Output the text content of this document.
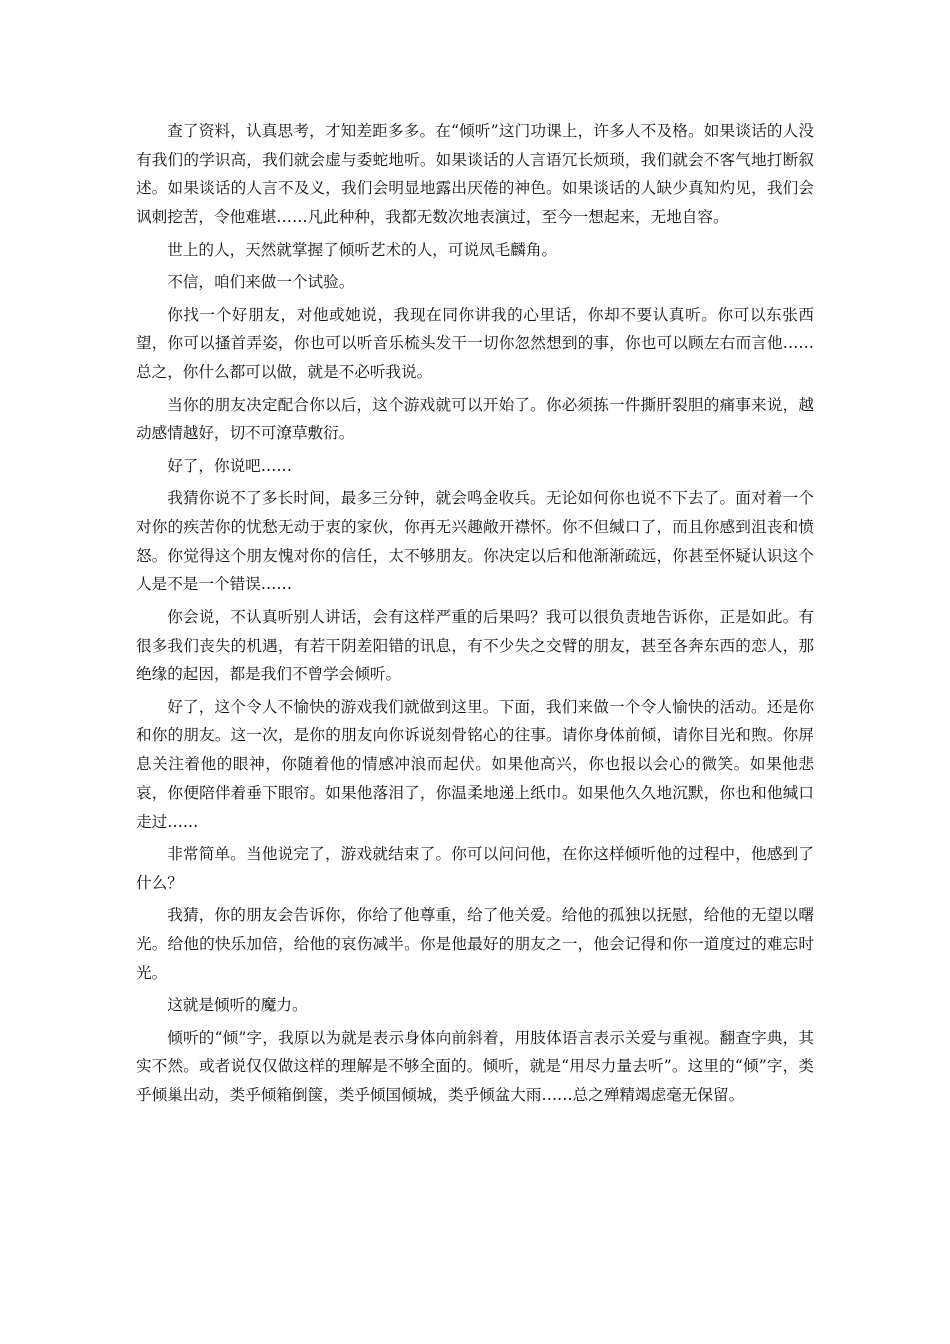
查了资料，认真思考，才知差距多多。在“倾听”这门功课上，许多人不及格。如果谈话的人没有我们的学识高，我们就会虚与委蛇地听。如果谈话的人言语冗长烦琐，我们就会不客气地打断叙述。如果谈话的人言不及义，我们会明显地露出厌倦的神色。如果谈话的人缺少真知灼见，我们会讽刺挖苦，令他难堪……凡此种种，我都无数次地表演过，至今一想起来，无地自容。

世上的人，天然就掌握了倾听艺术的人，可说凤毛麟角。

不信，咱们来做一个试验。

你找一个好朋友，对他或她说，我现在同你讲我的心里话，你却不要认真听。你可以东张西望，你可以搔首弄姿，你也可以听音乐梳头发干一切你忽然想到的事，你也可以顾左右而言他……总之，你什么都可以做，就是不必听我说。

当你的朋友决定配合你以后，这个游戏就可以开始了。你必须拣一件撕肝裂胆的痛事来说，越动感情越好，切不可潦草敷衍。

好了，你说吧……

我猜你说不了多长时间，最多三分钟，就会鸣金收兵。无论如何你也说不下去了。面对着一个对你的疾苦你的忧愁无动于衷的家伙，你再无兴趣敞开襟怀。你不但缄口了，而且你感到沮丧和愤怒。你觉得这个朋友愧对你的信任，太不够朋友。你决定以后和他渐渐疏远，你甚至怀疑认识这个人是不是一个错误……

你会说，不认真听别人讲话，会有这样严重的后果吗？我可以很负责地告诉你，正是如此。有很多我们丧失的机遇，有若干阴差阳错的讯息，有不少失之交臂的朋友，甚至各奔东西的恋人，那绝缘的起因，都是我们不曾学会倾听。

好了，这个令人不愉快的游戏我们就做到这里。下面，我们来做一个令人愉快的活动。还是你和你的朋友。这一次，是你的朋友向你诉说刻骨铭心的往事。请你身体前倾，请你目光和煦。你屏息关注着他的眼神，你随着他的情感冲浪而起伏。如果他高兴，你也报以会心的微笑。如果他悲哀，你便陪伴着垂下眼帘。如果他落泪了，你温柔地递上纸巾。如果他久久地沉默，你也和他缄口走过……

非常简单。当他说完了，游戏就结束了。你可以问问他，在你这样倾听他的过程中，他感到了什么？

我猜，你的朋友会告诉你，你给了他尊重，给了他关爱。给他的孤独以抚慰，给他的无望以曙光。给他的快乐加倍，给他的哀伤减半。你是他最好的朋友之一，他会记得和你一道度过的难忘时光。

这就是倾听的魔力。

倾听的“倾”字，我原以为就是表示身体向前斜着，用肢体语言表示关爱与重视。翻查字典，其实不然。或者说仅仅做这样的理解是不够全面的。倾听，就是“用尽力量去听”。这里的“倾”字，类乎倾巢出动，类乎倾箱倒箧，类乎倾国倾城，类乎倾盆大雨……总之殚精竭虑毫无保留。
